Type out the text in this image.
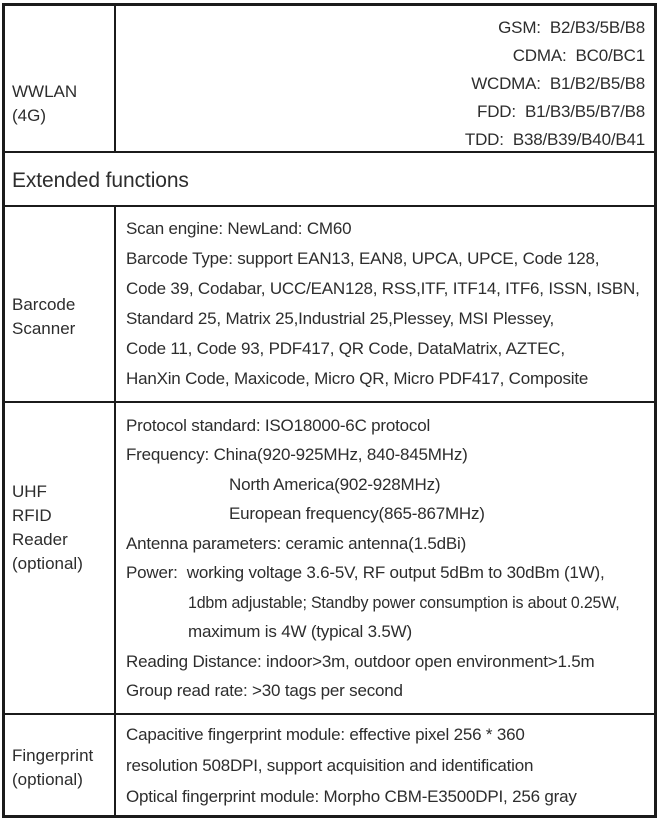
WWLAN
(4G)
GSM:  B2/B3/5B/B8
CDMA:  BC0/BC1
WCDMA:  B1/B2/B5/B8
FDD:  B1/B3/B5/B7/B8
TDD:  B38/B39/B40/B41
Extended functions
Barcode
Scanner
Scan engine: NewLand: CM60
Barcode Type: support EAN13, EAN8, UPCA, UPCE, Code 128,
Code 39, Codabar, UCC/EAN128, RSS,ITF, ITF14, ITF6, ISSN, ISBN,
Standard 25, Matrix 25,Industrial 25,Plessey, MSI Plessey,
Code 11, Code 93, PDF417, QR Code, DataMatrix, AZTEC,
HanXin Code, Maxicode, Micro QR, Micro PDF417, Composite
UHF
RFID
Reader
(optional)
Protocol standard: ISO18000-6C protocol
Frequency: China(920-925MHz, 840-845MHz)
North America(902-928MHz)
European frequency(865-867MHz)
Antenna parameters: ceramic antenna(1.5dBi)
Power:  working voltage 3.6-5V, RF output 5dBm to 30dBm (1W),
1dbm adjustable; Standby power consumption is about 0.25W,
maximum is 4W (typical 3.5W)
Reading Distance: indoor>3m, outdoor open environment>1.5m
Group read rate: >30 tags per second
Fingerprint
(optional)
Capacitive fingerprint module: effective pixel 256 * 360
resolution 508DPI, support acquisition and identification
Optical fingerprint module: Morpho CBM-E3500DPI, 256 gray
